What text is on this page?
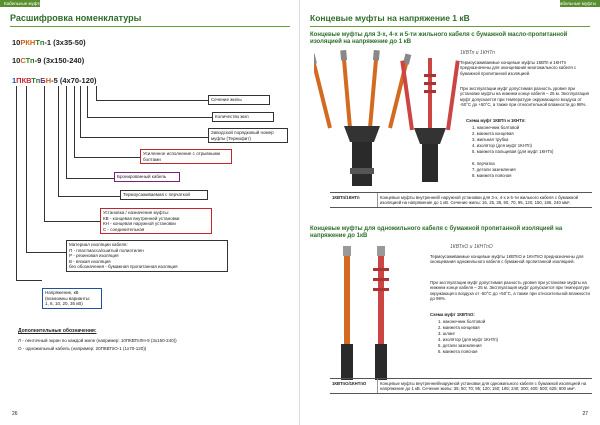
Кабельные муфты
Расшифровка номенклатуры
10РКНТп-1 (3x35-50)
10СТп-9 (3x150-240)
1ПКВТпБН-5 (4x70-120)
Сечение жилы
Количество жил
Заводской порядковый номер муфты (Термофит)
Усиленное исполнение с отрывными болтами
Бронированный кабель
Термоусаживаемая с перчаткой
Установка / назначение муфты:
КВ - концевая внутренней установки
КН - концевая наружной установки
С - соединительная
Материал изоляции кабеля:
П - пластмасса/сшитый полиэтилен
Р - резиновая изоляция
В - вязкая изоляция
без обозначения - бумажная пропитанная изоляция
Напряжение, кВ
(возможны варианты:
1, 6, 10, 20, 35 кВ)
Дополнительные обозначения:
Л - ленточный экран по каждой жиле (например: 10ПКВТпЛН-9 (3x150-240))
О - одножильный кабель (например: 20ПКВТпО-1 (1x70-120))
26
Кабельные муфты
Концевые муфты на напряжение 1 кВ
Концевые муфты для 3-х, 4-х и 5-ти жильного кабеля с бумажной масло-пропитанной изоляцией на напряжение до 1 кВ
1КВТп и 1КНТп
Термоусаживаемые концевые муфты 1КВТп и 1КНТп предназначены для оконцевания многожильного кабеля с бумажной пропитанной изоляцией.
При эксплуатации муфт допустимая разность уровня при установке муфты на нижнем конце кабеля – 25 м. Эксплуатация муфт допускается при температуре окружающего воздуха от -50°С до +50°С, а также при относительной влажности до 98%.
Схема муфт 1КВТп и 1КНТп:
1. наконечник болтовой
2. манжета концевая
3. жильная трубка
4. изолятор (для муфт 1КНТп)
5. манжета пальцевая (для муфт 1КНТп)
6. перчатка
7. детали заземления
8. манжета поясная
1КВТп/1КНТп	Концевые муфты внутренней/ наружной установки для 3-х, 4-х и 5-ти жильного кабеля с бумажной изоляцией на напряжение до 1 кВ. Сечение жилы: 16, 25, 35, 50, 70, 95, 120, 150, 185, 240 мм².
Концевые муфты для одножильного кабеля с бумажной пропитанной изоляцией на напряжение до 1кВ
1КВТпО и 1КНТпО
Термоусаживаемые концевые муфты 1КВТпО и 1КНТпО предназначены для оконцевания одножильного кабеля с бумажной пропитанной изоляцией.
При эксплуатации муфт допустимая разность уровня при установке муфты на нижнем конце кабеля – 25 м. Эксплуатация муфт допускается при температуре окружающего воздуха от -50°С до +50°С, а также при относительной влажности до 98%.
Схема муфт 1КВТпО:
1. наконечник болтовой
2. манжета концевая
3. шланг
4. изолятор (для муфт 1КНТп)
5. детали заземления
6. манжета поясная
1КВТпО/1КНТпО	Концевые муфты внутренней/наружной установки для одножильного кабеля с бумажной изоляцией на напряжение до 1 кВ. Сечение жилы: 35; 50; 70; 95; 120; 150; 185; 240; 300; 400; 500; 625; 800 мм².
27
